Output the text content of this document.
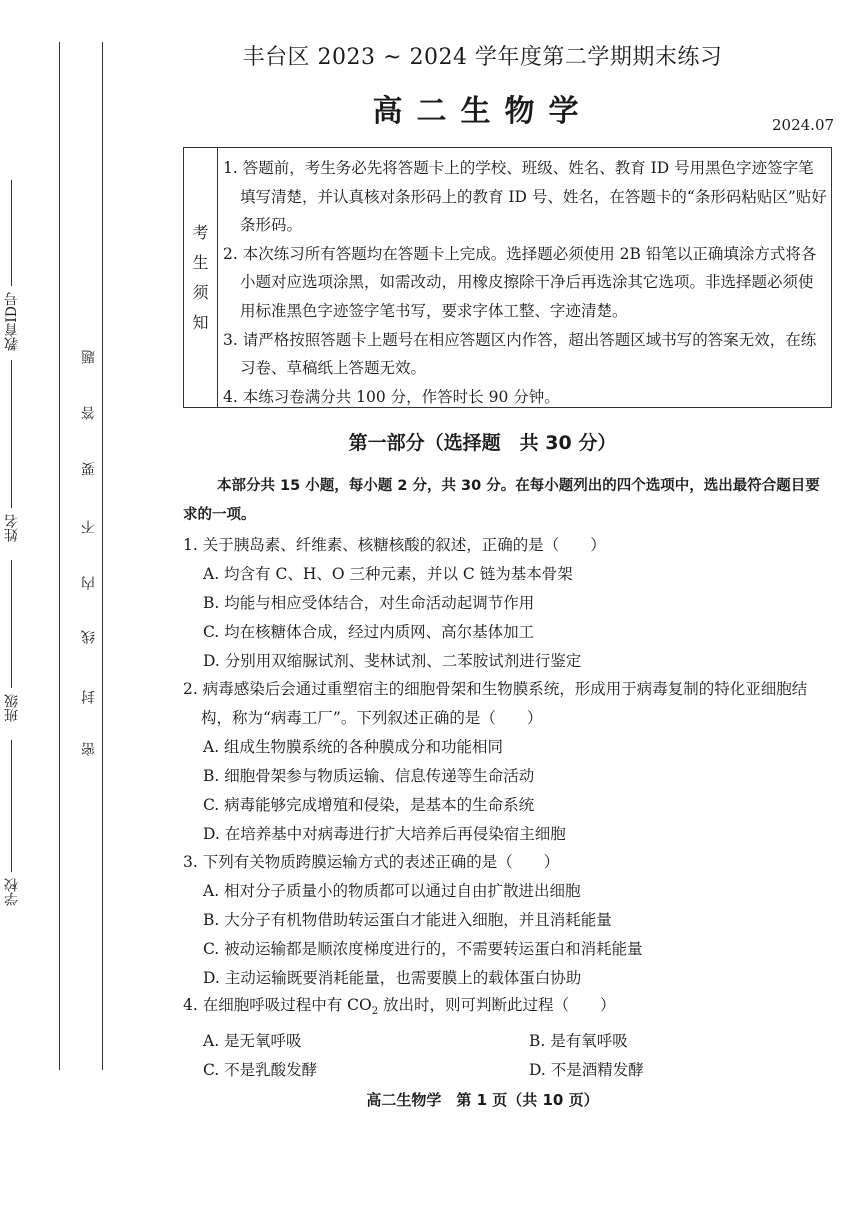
学校
班级
姓名
教育ID号
密
封
线
内
不
要
答
题
丰台区 2023 ~ 2024 学年度第二学期期末练习
高二生物学	2024.07
考
生
须
知
1. 答题前，考生务必先将答题卡上的学校、班级、姓名、教育 ID 号用黑色字迹签字笔填写清楚，并认真核对条形码上的教育 ID 号、姓名，在答题卡的“条形码粘贴区”贴好条形码。
2. 本次练习所有答题均在答题卡上完成。选择题必须使用 2B 铅笔以正确填涂方式将各小题对应选项涂黑，如需改动，用橡皮擦除干净后再选涂其它选项。非选择题必须使用标准黑色字迹签字笔书写，要求字体工整、字迹清楚。
3. 请严格按照答题卡上题号在相应答题区内作答，超出答题区域书写的答案无效，在练习卷、草稿纸上答题无效。
4. 本练习卷满分共 100 分，作答时长 90 分钟。
第一部分（选择题　共 30 分）
本部分共 15 小题，每小题 2 分，共 30 分。在每小题列出的四个选项中，选出最符合题目要求的一项。
1. 关于胰岛素、纤维素、核糖核酸的叙述，正确的是（　　）
A. 均含有 C、H、O 三种元素，并以 C 链为基本骨架
B. 均能与相应受体结合，对生命活动起调节作用
C. 均在核糖体合成，经过内质网、高尔基体加工
D. 分别用双缩脲试剂、斐林试剂、二苯胺试剂进行鉴定
2. 病毒感染后会通过重塑宿主的细胞骨架和生物膜系统，形成用于病毒复制的特化亚细胞结构，称为“病毒工厂”。下列叙述正确的是（　　）
A. 组成生物膜系统的各种膜成分和功能相同
B. 细胞骨架参与物质运输、信息传递等生命活动
C. 病毒能够完成增殖和侵染，是基本的生命系统
D. 在培养基中对病毒进行扩大培养后再侵染宿主细胞
3. 下列有关物质跨膜运输方式的表述正确的是（　　）
A. 相对分子质量小的物质都可以通过自由扩散进出细胞
B. 大分子有机物借助转运蛋白才能进入细胞，并且消耗能量
C. 被动运输都是顺浓度梯度进行的，不需要转运蛋白和消耗能量
D. 主动运输既要消耗能量，也需要膜上的载体蛋白协助
4. 在细胞呼吸过程中有 $CO_2$ 放出时，则可判断此过程（　　）
A. 是无氧呼吸	B. 是有氧呼吸
C. 不是乳酸发酵	D. 不是酒精发酵
高二生物学　第 1 页（共 10 页）
